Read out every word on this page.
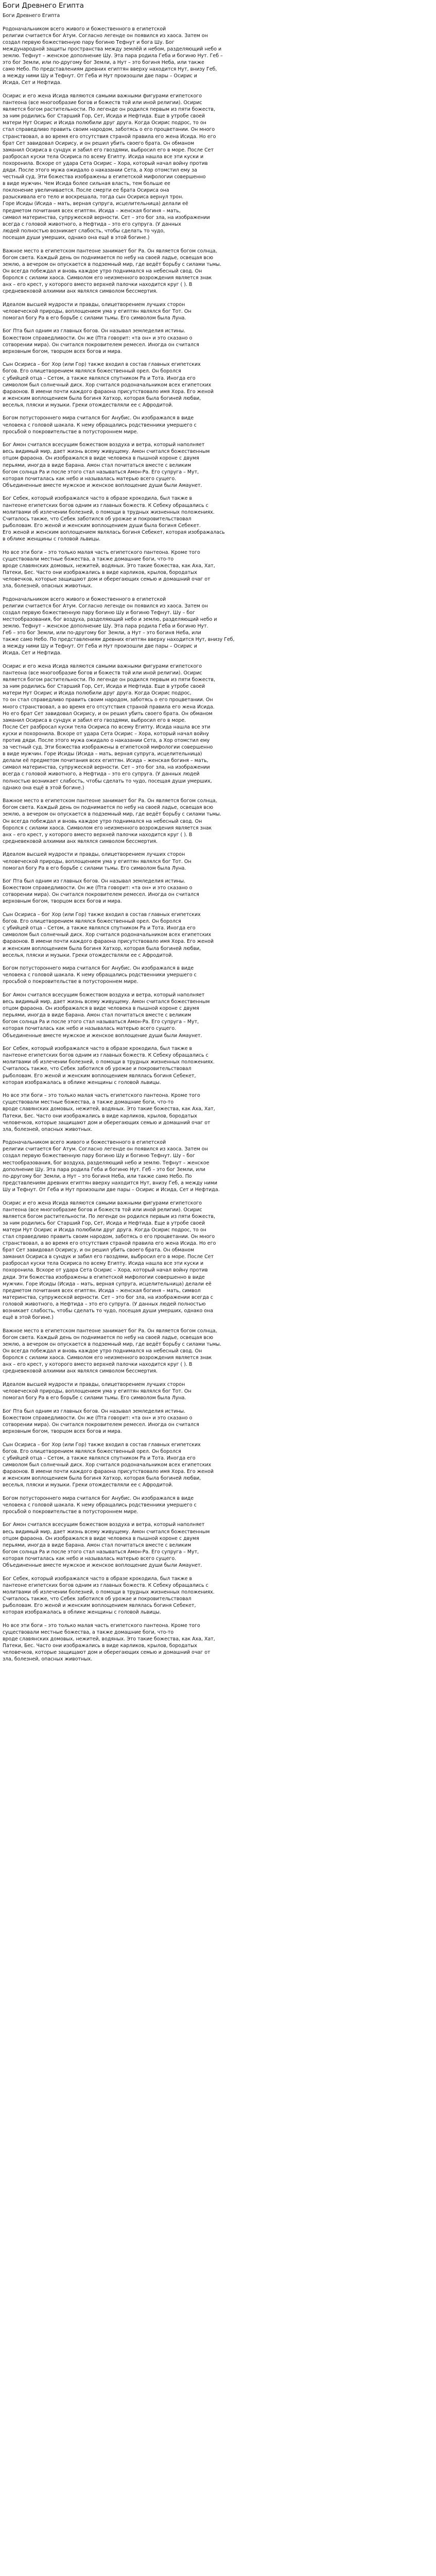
Боги Древнего Египта

Боги Древнего Египта

Родоначальником всего живого и божественного в египетской
религии считается бог Атум. Согласно легенде он появился из хаоса. Затем он
создал первую божественную пару богиню Тефнут и бога Шу. Бог
международной защиты пространства между землёй и небом, разделяющий небо и
землю. Тефнут – женское дополнение Шу. Эта пара родила Геба и богиню Нут. Геб –
это бог Земли, или по-другому бог Земли, а Нут – это богиня Неба, или также
само Небо. По представлениям древних египтян вверху находится Нут, внизу Геб,
а между ними Шу и Тефнут. От Геба и Нут произошли две пары – Осирис и
Исида, Сет и Нефтида.

Осирис и его жена Исида являются самыми важными фигурами египетского
пантеона (все многообразие богов и божеств той или иной религии). Осирис
является богом растительности. По легенде он родился первым из пяти божеств,
за ним родились бог Старший Гор, Сет, Исида и Нефтида. Еще в утробе своей
матери Нут Осирис и Исида полюбили друг друга. Когда Осирис подрос, то он
стал справедливо править своим народом, заботясь о его процветании. Он много
странствовал, а во время его отсутствия страной правила его жена Исида. Но его
брат Сет завидовал Осирису, и он решил убить своего брата. Он обманом
заманил Осириса в сундук и забил его гвоздями, выбросил его в море. После Сет
разбросал куски тела Осириса по всему Египту. Исида нашла все эти куски и
похоронила. Вскоре от удара Сета Осирис – Хора, который начал войну против
дяди. После этого мужа ожидало о наказании Сета, а Хор отомстил ему за
честный суд. Эти божества изображены в египетской мифологии совершенно
в виде мужчин. Чем Исида более сильная власть, тем больше ее
поклонение увеличивается. После смерти ее брата Осириса она
разыскивала его тело и воскрешала, тогда сын Осириса вернул трон.
Горе Исиды (Исида – мать, верная супруга, исцелительница) делали её
предметом почитания всех египтян. Исида – женская богиня – мать,
символ материнства, супружеской верности. Сет – это бог зла, на изображении
всегда с головой животного, а Нефтида – это его супруга. (У данных
людей полностью возникает слабость, чтобы сделать то чудо,
посещая души умерших, однако она ещё в этой богине.)

Важное место в египетском пантеоне занимает бог Ра. Он является богом солнца,
богом света. Каждый день он поднимается по небу на своей ладье, освещая всю
землю, а вечером он опускается в подземный мир, где ведёт борьбу с силами тьмы.
Он всегда побеждал и вновь каждое утро поднимался на небесный свод. Он
боролся с силами хаоса. Символом его неизменного возрождения является знак
анх – его крест, у которого вместо верхней палочки находится круг ( ). В
средневековой алхимии анх являлся символом бессмертия.

Идеалом высшей мудрости и правды, олицетворением лучших сторон
человеческой природы, воплощением ума у египтян являлся бог Тот. Он
помогал богу Ра в его борьбе с силами тьмы. Его символом была Луна.

Бог Пта был одним из главных богов. Он называл земледелия истины.
Божеством справедливости. Он же (Пта говорит: «та он» и это сказано о
сотворении мира). Он считался покровителем ремесел. Иногда он считался
верховным богом, творцом всех богов и мира.

Сын Осириса – бог Хор (или Гор) также входил в состав главных египетских
богов. Его олицетворением являлся божественный орел. Он боролся
с убийцей отца – Сетом, а также являлся спутником Ра и Тота. Иногда его
символом был солнечный диск. Хор считался родоначальником всех египетских
фараонов. В имени почти каждого фараона присутствовало имя Хора. Его женой
и женским воплощением была богиня Хатхор, которая была богиней любви,
веселья, пляски и музыки. Греки отождествляли ее с Афродитой.

Богом потустороннего мира считался бог Анубис. Он изображался в виде
человека с головой шакала. К нему обращались родственники умершего с
просьбой о покровительстве в потустороннем мире.

Бог Амон считался всесущим божеством воздуха и ветра, который наполняет
весь видимый мир, дает жизнь всему живущему. Амон считался божественным
отцом фараона. Он изображался в виде человека в пышной короне с двумя
перьями, иногда в виде барана. Амон стал почитаться вместе с великим
богом солнца Ра и после этого стал называться Амон-Ра. Его супруга – Мут,
которая почиталась как небо и называлась матерью всего сущего.
Объединенные вместе мужское и женское воплощение души были Амаунет.

Бог Себек, который изображался часто в образе крокодила, был также в
пантеоне египетских богов одним из главных божеств. К Себеку обращались с
молитвами об излечении болезней, о помощи в трудных жизненных положениях.
Считалось также, что Себек заботился об урожае и покровительствовал
рыболовам. Его женой и женским воплощением души была богиня Себекет.
Его женой и женским воплощением являлась богиня Себекет, которая изображалась
в облике женщины с головой львицы.

Но все эти боги – это только малая часть египетского пантеона. Кроме того
существовали местные божества, а также домашние боги, что-то
вроде славянских домовых, нежитей, водяных. Это такие божества, как Аха, Хат,
Патеки, Бес. Часто они изображались в виде карликов, крылов, бородатых
человечков, которые защищают дом и оберегающих семью и домашний очаг от
зла, болезней, опасных животных.

Родоначальником всего живого и божественного в египетской
религии считается бог Атум. Согласно легенде он появился из хаоса. Затем он
создал первую божественную пару богиню Шу и богиню Тефнут. Шу – бог
местообразования, бог воздуха, разделяющий небо и землю, разделяющий небо и
землю. Тефнут – женское дополнение Шу. Эта пара родила Геба и богиню Нут.
Геб – это бог Земли, или по-другому бог Земли, а Нут – это богиня Неба, или
также само Небо. По представлениям древних египтян вверху находится Нут, внизу Геб,
а между ними Шу и Тефнут. От Геба и Нут произошли две пары – Осирис и
Исида, Сет и Нефтида.

Осирис и его жена Исида являются самыми важными фигурами египетского
пантеона (все многообразие богов и божеств той или иной религии). Осирис
является богом растительности. По легенде он родился первым из пяти божеств,
за ним родились бог Старший Гор, Сет, Исида и Нефтида. Еще в утробе своей
матери Нут Осирис и Исида полюбили друг друга. Когда Осирис подрос,
то он стал справедливо править своим народом, заботясь о его процветании. Он
много странствовал, а во время его отсутствия страной правила его жена Исида.
Но его брат Сет завидовал Осирису, и он решил убить своего брата. Он обманом
заманил Осириса в сундук и забил его гвоздями, выбросил его в море.
После Сет разбросал куски тела Осириса по всему Египту. Исида нашла все эти
куски и похоронила. Вскоре от удара Сета Осирис – Хора, который начал войну
против дяди. После этого мужа ожидало о наказании Сета, а Хор отомстил ему
за честный суд. Эти божества изображены в египетской мифологии совершенно
в виде мужчин. Горе Исиды (Исида – мать, верная супруга, исцелительница)
делали её предметом почитания всех египтян. Исида – женская богиня – мать,
символ материнства, супружеской верности. Сет – это бог зла, на изображении
всегда с головой животного, а Нефтида – это его супруга. (У данных людей
полностью возникает слабость, чтобы сделать то чудо, посещая души умерших,
однако она ещё в этой богине.)

Важное место в египетском пантеоне занимает бог Ра. Он является богом солнца,
богом света. Каждый день он поднимается по небу на своей ладье, освещая всю
землю, а вечером он опускается в подземный мир, где ведёт борьбу с силами тьмы.
Он всегда побеждал и вновь каждое утро поднимался на небесный свод. Он
боролся с силами хаоса. Символом его неизменного возрождения является знак
анх – его крест, у которого вместо верхней палочки находится круг ( ). В
средневековой алхимии анх являлся символом бессмертия.

Идеалом высшей мудрости и правды, олицетворением лучших сторон
человеческой природы, воплощением ума у египтян являлся бог Тот. Он
помогал богу Ра в его борьбе с силами тьмы. Его символом была Луна.

Бог Пта был одним из главных богов. Он называл земледелия истины.
Божеством справедливости. Он же (Пта говорит: «та он» и это сказано о
сотворении мира). Он считался покровителем ремесел. Иногда он считался
верховным богом, творцом всех богов и мира.

Сын Осириса – бог Хор (или Гор) также входил в состав главных египетских
богов. Его олицетворением являлся божественный орел. Он боролся
с убийцей отца – Сетом, а также являлся спутником Ра и Тота. Иногда его
символом был солнечный диск. Хор считался родоначальником всех египетских
фараонов. В имени почти каждого фараона присутствовало имя Хора. Его женой
и женским воплощением была богиня Хатхор, которая была богиней любви,
веселья, пляски и музыки. Греки отождествляли ее с Афродитой.

Богом потустороннего мира считался бог Анубис. Он изображался в виде
человека с головой шакала. К нему обращались родственники умершего с
просьбой о покровительстве в потустороннем мире.

Бог Амон считался всесущим божеством воздуха и ветра, который наполняет
весь видимый мир, дает жизнь всему живущему. Амон считался божественным
отцом фараона. Он изображался в виде человека в пышной короне с двумя
перьями, иногда в виде барана. Амон стал почитаться вместе с великим
богом солнца Ра и после этого стал называться Амон-Ра. Его супруга – Мут,
которая почиталась как небо и называлась матерью всего сущего.
Объединенные вместе мужское и женское воплощение души были Амаунет.

Бог Себек, который изображался часто в образе крокодила, был также в
пантеоне египетских богов одним из главных божеств. К Себеку обращались с
молитвами об излечении болезней, о помощи в трудных жизненных положениях.
Считалось также, что Себек заботился об урожае и покровительствовал
рыболовам. Его женой и женским воплощением являлась богиня Себекет,
которая изображалась в облике женщины с головой львицы.

Но все эти боги – это только малая часть египетского пантеона. Кроме того
существовали местные божества, а также домашние боги, что-то
вроде славянских домовых, нежитей, водяных. Это такие божества, как Аха, Хат,
Патеки, Бес. Часто они изображались в виде карликов, крылов, бородатых
человечков, которые защищают дом и оберегающих семью и домашний очаг от
зла, болезней, опасных животных.

Родоначальником всего живого и божественного в египетской
религии считается бог Атум. Согласно легенде он появился из хаоса. Затем он
создал первую божественную пару богиню Шу и богиню Тефнут. Шу – бог
местообразования, бог воздуха, разделяющий небо и землю. Тефнут – женское
дополнение Шу. Эта пара родила Геба и богиню Нут. Геб – это бог Земли, или
по-другому бог Земли, а Нут – это богиня Неба, или также само Небо. По
представлениям древних египтян вверху находится Нут, внизу Геб, а между ними
Шу и Тефнут. От Геба и Нут произошли две пары – Осирис и Исида, Сет и Нефтида.

Осирис и его жена Исида являются самыми важными фигурами египетского
пантеона (все многообразие богов и божеств той или иной религии). Осирис
является богом растительности. По легенде он родился первым из пяти божеств,
за ним родились бог Старший Гор, Сет, Исида и Нефтида. Еще в утробе своей
матери Нут Осирис и Исида полюбили друг друга. Когда Осирис подрос, то он
стал справедливо править своим народом, заботясь о его процветании. Он много
странствовал, а во время его отсутствия страной правила его жена Исида. Но его
брат Сет завидовал Осирису, и он решил убить своего брата. Он обманом
заманил Осириса в сундук и забил его гвоздями, выбросил его в море. После Сет
разбросал куски тела Осириса по всему Египту. Исида нашла все эти куски и
похоронила. Вскоре от удара Сета Осирис – Хора, который начал войну против
дяди. Эти божества изображены в египетской мифологии совершенно в виде
мужчин. Горе Исиды (Исида – мать, верная супруга, исцелительница) делали её
предметом почитания всех египтян. Исида – женская богиня – мать, символ
материнства, супружеской верности. Сет – это бог зла, на изображении всегда с
головой животного, а Нефтида – это его супруга. (У данных людей полностью
возникает слабость, чтобы сделать то чудо, посещая души умерших, однако она
ещё в этой богине.)

Важное место в египетском пантеоне занимает бог Ра. Он является богом солнца,
богом света. Каждый день он поднимается по небу на своей ладье, освещая всю
землю, а вечером он опускается в подземный мир, где ведёт борьбу с силами тьмы.
Он всегда побеждал и вновь каждое утро поднимался на небесный свод. Он
боролся с силами хаоса. Символом его неизменного возрождения является знак
анх – его крест, у которого вместо верхней палочки находится круг ( ). В
средневековой алхимии анх являлся символом бессмертия.

Идеалом высшей мудрости и правды, олицетворением лучших сторон
человеческой природы, воплощением ума у египтян являлся бог Тот. Он
помогал богу Ра в его борьбе с силами тьмы. Его символом была Луна.

Бог Пта был одним из главных богов. Он называл земледелия истины.
Божеством справедливости. Он же (Пта говорит: «та он» и это сказано о
сотворении мира). Он считался покровителем ремесел. Иногда он считался
верховным богом, творцом всех богов и мира.

Сын Осириса – бог Хор (или Гор) также входил в состав главных египетских
богов. Его олицетворением являлся божественный орел. Он боролся
с убийцей отца – Сетом, а также являлся спутником Ра и Тота. Иногда его
символом был солнечный диск. Хор считался родоначальником всех египетских
фараонов. В имени почти каждого фараона присутствовало имя Хора. Его женой
и женским воплощением была богиня Хатхор, которая была богиней любви,
веселья, пляски и музыки. Греки отождествляли ее с Афродитой.

Богом потустороннего мира считался бог Анубис. Он изображался в виде
человека с головой шакала. К нему обращались родственники умершего с
просьбой о покровительстве в потустороннем мире.

Бог Амон считался всесущим божеством воздуха и ветра, который наполняет
весь видимый мир, дает жизнь всему живущему. Амон считался божественным
отцом фараона. Он изображался в виде человека в пышной короне с двумя
перьями, иногда в виде барана. Амон стал почитаться вместе с великим
богом солнца Ра и после этого стал называться Амон-Ра. Его супруга – Мут,
которая почиталась как небо и называлась матерью всего сущего.
Объединенные вместе мужское и женское воплощение души были Амаунет.

Бог Себек, который изображался часто в образе крокодила, был также в
пантеоне египетских богов одним из главных божеств. К Себеку обращались с
молитвами об излечении болезней, о помощи в трудных жизненных положениях.
Считалось также, что Себек заботился об урожае и покровительствовал
рыболовам. Его женой и женским воплощением являлась богиня Себекет,
которая изображалась в облике женщины с головой львицы.

Но все эти боги – это только малая часть египетского пантеона. Кроме того
существовали местные божества, а также домашние боги, что-то
вроде славянских домовых, нежитей, водяных. Это такие божества, как Аха, Хат,
Патеки, Бес. Часто они изображались в виде карликов, крылов, бородатых
человечков, которые защищают дом и оберегающих семью и домашний очаг от
зла, болезней, опасных животных.
